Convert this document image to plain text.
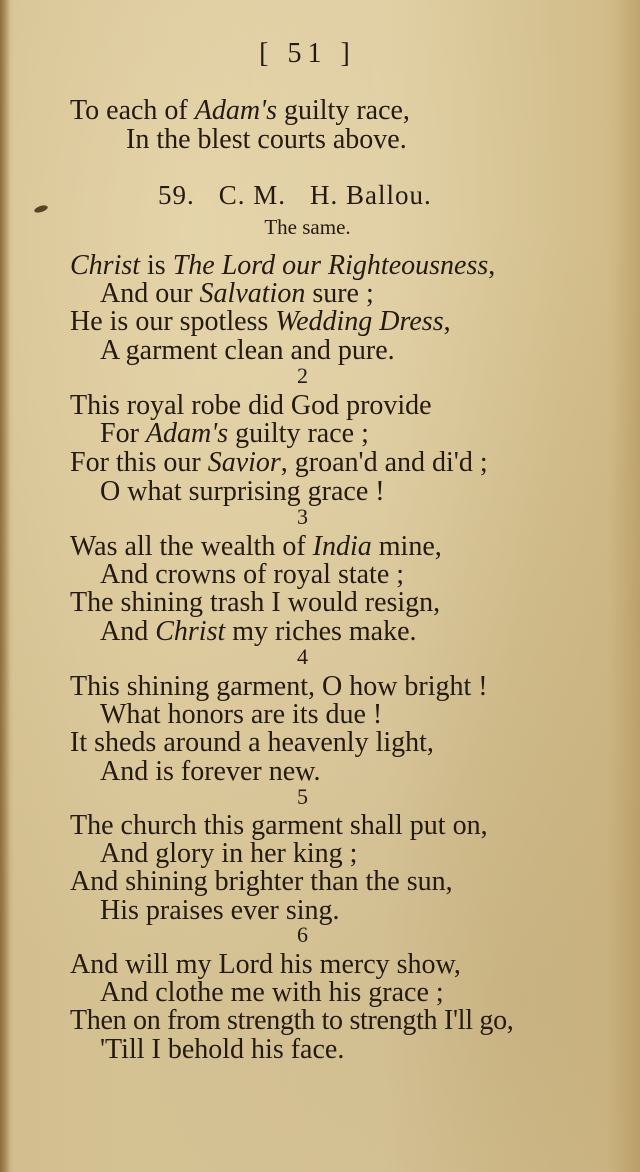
[ 51 ]
To each of Adam's guilty race,
In the blest courts above.
59. C. M. H. Ballou.
The same.
Christ is The Lord our Righteousness,
And our Salvation sure ;
He is our spotless Wedding Dress,
A garment clean and pure.
2
This royal robe did God provide
For Adam's guilty race ;
For this our Savior, groan'd and di'd ;
O what surprising grace !
3
Was all the wealth of India mine,
And crowns of royal state ;
The shining trash I would resign,
And Christ my riches make.
4
This shining garment, O how bright !
What honors are its due !
It sheds around a heavenly light,
And is forever new.
5
The church this garment shall put on,
And glory in her king ;
And shining brighter than the sun,
His praises ever sing.
6
And will my Lord his mercy show,
And clothe me with his grace ;
Then on from strength to strength I'll go,
'Till I behold his face.
